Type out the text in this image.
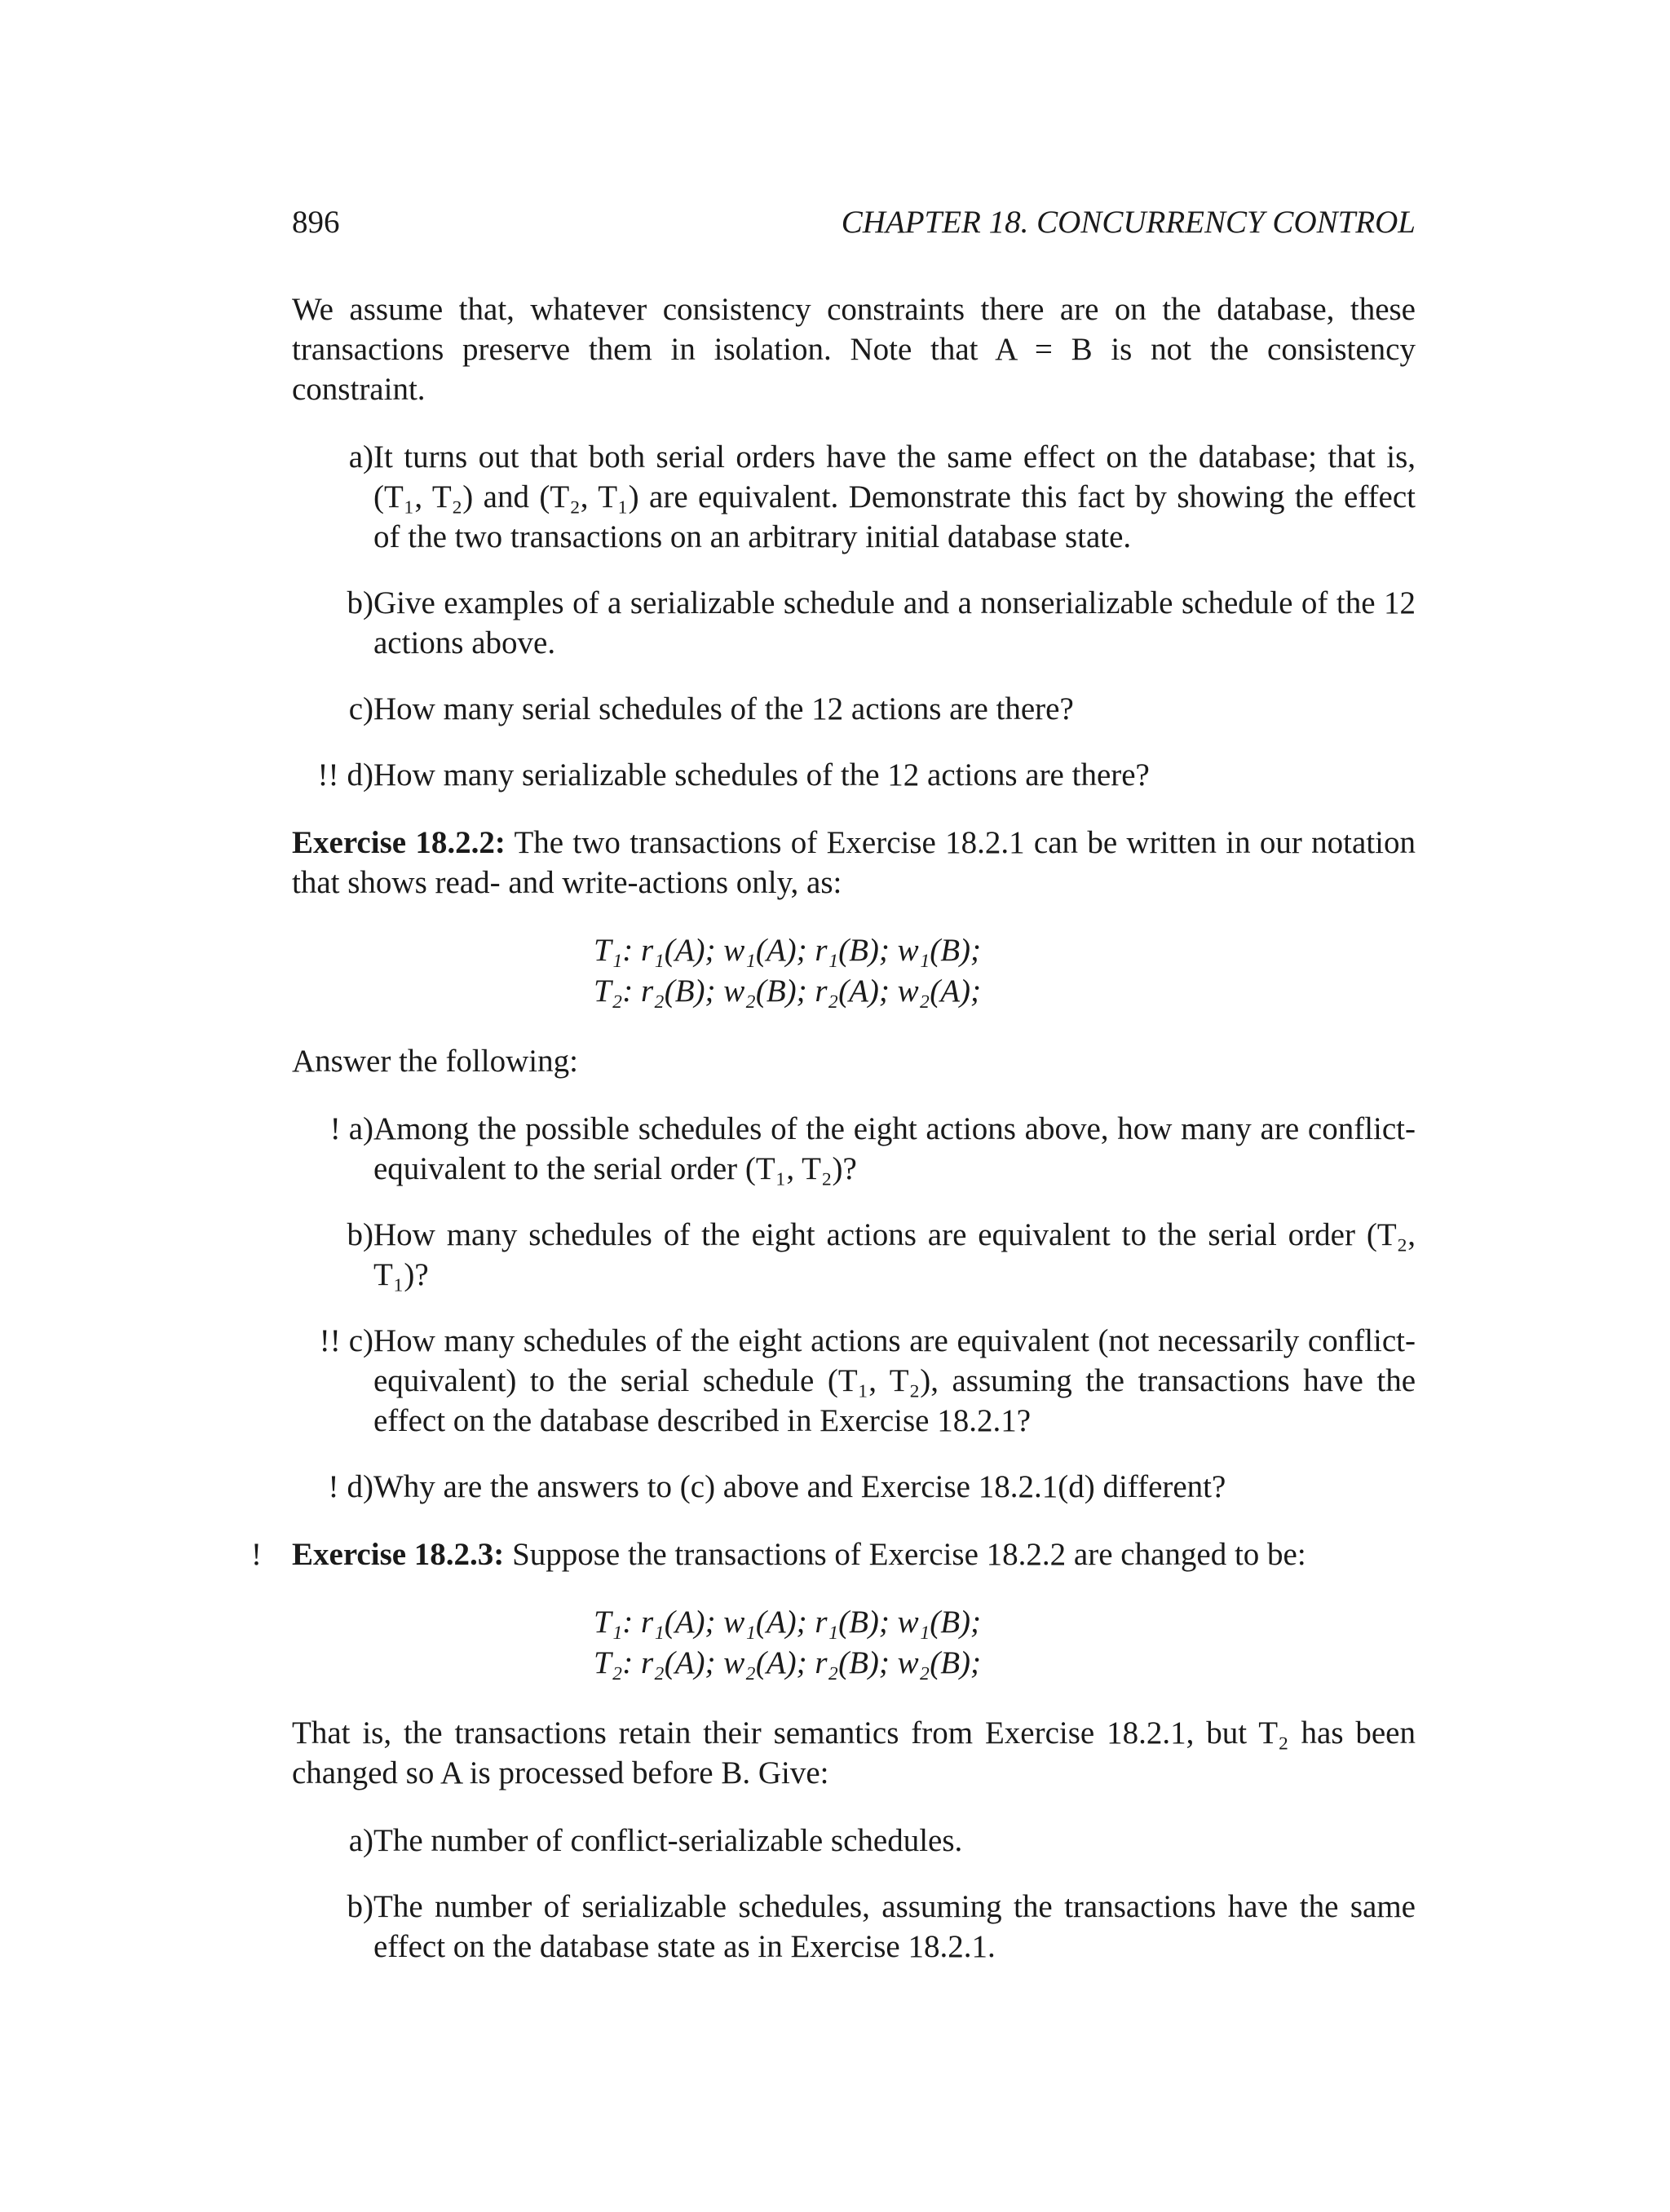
896	CHAPTER 18. CONCURRENCY CONTROL

We assume that, whatever consistency constraints there are on the database, these transactions preserve them in isolation. Note that A = B is not the consistency constraint.

a) It turns out that both serial orders have the same effect on the database; that is, (T₁, T₂) and (T₂, T₁) are equivalent. Demonstrate this fact by showing the effect of the two transactions on an arbitrary initial database state.
b) Give examples of a serializable schedule and a nonserializable schedule of the 12 actions above.
c) How many serial schedules of the 12 actions are there?
!! d) How many serializable schedules of the 12 actions are there?

Exercise 18.2.2: The two transactions of Exercise 18.2.1 can be written in our notation that shows read- and write-actions only, as:

T₁: r₁(A); w₁(A); r₁(B); w₁(B);
T₂: r₂(B); w₂(B); r₂(A); w₂(A);

Answer the following:

! a) Among the possible schedules of the eight actions above, how many are conflict-equivalent to the serial order (T₁, T₂)?
b) How many schedules of the eight actions are equivalent to the serial order (T₂, T₁)?
!! c) How many schedules of the eight actions are equivalent (not necessarily conflict-equivalent) to the serial schedule (T₁, T₂), assuming the transactions have the effect on the database described in Exercise 18.2.1?
! d) Why are the answers to (c) above and Exercise 18.2.1(d) different?

! Exercise 18.2.3: Suppose the transactions of Exercise 18.2.2 are changed to be:

T₁: r₁(A); w₁(A); r₁(B); w₁(B);
T₂: r₂(A); w₂(A); r₂(B); w₂(B);

That is, the transactions retain their semantics from Exercise 18.2.1, but T₂ has been changed so A is processed before B. Give:

a) The number of conflict-serializable schedules.
b) The number of serializable schedules, assuming the transactions have the same effect on the database state as in Exercise 18.2.1.
